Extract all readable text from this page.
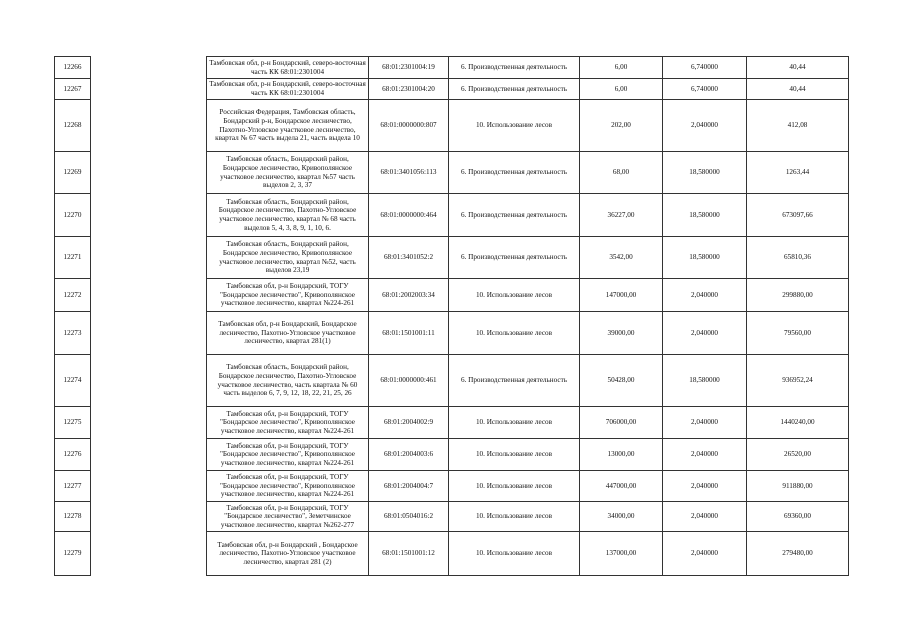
12266		Тамбовская обл, р-н Бондарский, северо-восточная часть КК 68:01:2301004	68:01:2301004:19	6. Производственная деятельность	6,00	6,740000	40,44
12267		Тамбовская обл, р-н Бондарский, северо-восточная часть КК 68:01:2301004	68:01:2301004:20	6. Производственная деятельность	6,00	6,740000	40,44
12268		Российская Федерация, Тамбовская область, Бондарский р-н, Бондарское лесничество, Пахотно-Угловское участковое лесничество, квартал № 67 часть выдела 21, часть выдела 10	68:01:0000000:807	10. Использование лесов	202,00	2,040000	412,08
12269		Тамбовская область, Бондарский район, Бондарское лесничество, Кривополянское участковое лесничество, квартал №57 часть выделов 2, 3, 37	68:01:3401056:113	6. Производственная деятельность	68,00	18,580000	1263,44
12270		Тамбовская область, Бондарский район, Бондарское лесничество, Пахотно-Угловское участковое лесничество, квартал № 68 часть выделов 5, 4, 3, 8, 9, 1, 10, 6.	68:01:0000000:464	6. Производственная деятельность	36227,00	18,580000	673097,66
12271		Тамбовская область, Бондарский район, Бондарское лесничество, Кривополянское участковое лесничество, квартал №52, часть выделов 23,19	68:01:3401052:2	6. Производственная деятельность	3542,00	18,580000	65810,36
12272		Тамбовская обл, р-н Бондарский, ТОГУ "Бондарское лесничество", Кривополянское участковое лесничество, квартал №224-261	68:01:2002003:34	10. Использование лесов	147000,00	2,040000	299880,00
12273		Тамбовская обл, р-н Бондарский, Бондарское лесничество, Пахотно-Угловское участковое лесничество, квартал 281(1)	68:01:1501001:11	10. Использование лесов	39000,00	2,040000	79560,00
12274		Тамбовская область, Бондарский район, Бондарское лесничество, Пахотно-Угловское участковое лесничество, часть квартала № 60 часть выделов 6, 7, 9, 12, 18, 22, 21, 25, 26	68:01:0000000:461	6. Производственная деятельность	50428,00	18,580000	936952,24
12275		Тамбовская обл, р-н Бондарский, ТОГУ "Бондарское лесничество", Кривополянское участковое лесничество, квартал №224-261	68:01:2004002:9	10. Использование лесов	706000,00	2,040000	1440240,00
12276		Тамбовская обл, р-н Бондарский, ТОГУ "Бондарское лесничество", Кривополянское участковое лесничество, квартал №224-261	68:01:2004003:6	10. Использование лесов	13000,00	2,040000	26520,00
12277		Тамбовская обл, р-н Бондарский, ТОГУ "Бондарское лесничество", Кривополянское участковое лесничество, квартал №224-261	68:01:2004004:7	10. Использование лесов	447000,00	2,040000	911880,00
12278		Тамбовская обл, р-н Бондарский, ТОГУ "Бондарское лесничество", Земетчинское участковое лесничество, квартал №262-277	68:01:0504016:2	10. Использование лесов	34000,00	2,040000	69360,00
12279		Тамбовская обл, р-н Бондарский , Бондарское лесничество, Пахотно-Угловское участковое лесничество, квартал 281 (2)	68:01:1501001:12	10. Использование лесов	137000,00	2,040000	279480,00
